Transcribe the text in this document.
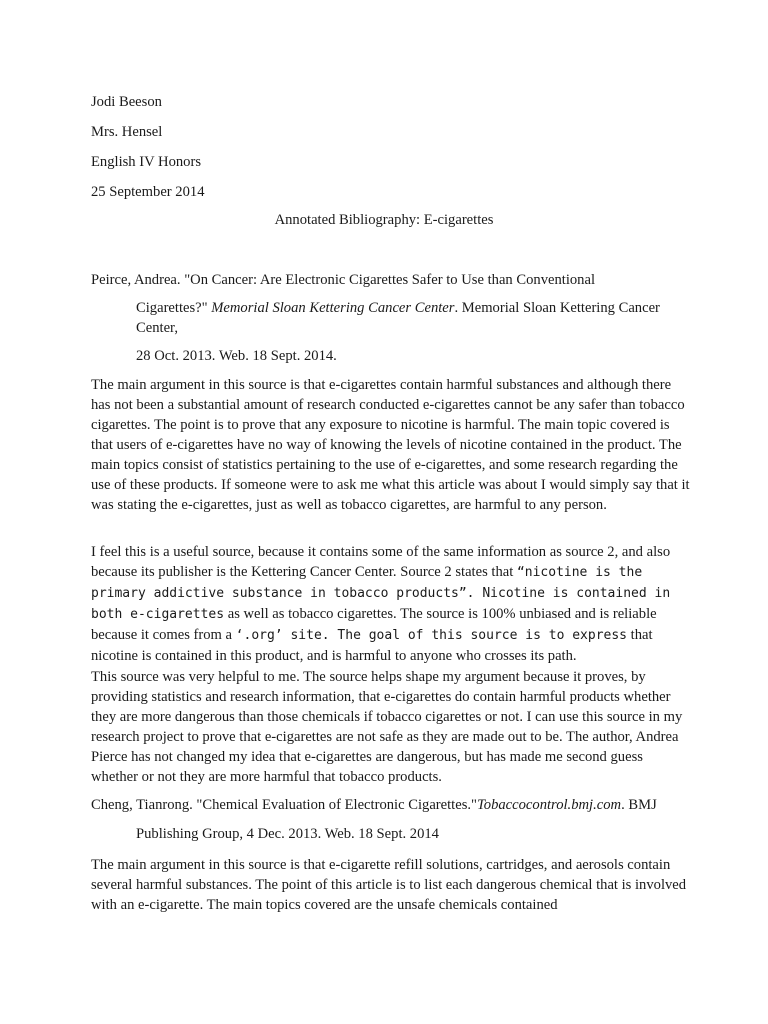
Jodi Beeson
Mrs. Hensel
English IV Honors
25 September 2014
Annotated Bibliography: E-cigarettes
Peirce, Andrea. "On Cancer: Are Electronic Cigarettes Safer to Use than Conventional
Cigarettes?" Memorial Sloan Kettering Cancer Center. Memorial Sloan Kettering Cancer Center,
28 Oct. 2013. Web. 18 Sept. 2014.

The main argument in this source is that e-cigarettes contain harmful substances and although there has not been a substantial amount of research conducted e-cigarettes cannot be any safer than tobacco cigarettes. The point is to prove that any exposure to nicotine is harmful. The main topic covered is that users of e-cigarettes have no way of knowing the levels of nicotine contained in the product. The main topics consist of statistics pertaining to the use of e-cigarettes, and some research regarding the use of these products. If someone were to ask me what this article was about I would simply say that it was stating the e-cigarettes, just as well as tobacco cigarettes, are harmful to any person.

I feel this is a useful source, because it contains some of the same information as source 2, and also because its publisher is the Kettering Cancer Center. Source 2 states that “nicotine is the primary addictive substance in tobacco products”. Nicotine is contained in both e-cigarettes as well as tobacco cigarettes. The source is 100% unbiased and is reliable because it comes from a ‘.org’ site. The goal of this source is to express that nicotine is contained in this product, and is harmful to anyone who crosses its path.

This source was very helpful to me. The source helps shape my argument because it proves, by providing statistics and research information, that e-cigarettes do contain harmful products whether they are more dangerous than those chemicals if tobacco cigarettes or not. I can use this source in my research project to prove that e-cigarettes are not safe as they are made out to be. The author, Andrea Pierce has not changed my idea that e-cigarettes are dangerous, but has made me second guess whether or not they are more harmful that tobacco products.

Cheng, Tianrong. "Chemical Evaluation of Electronic Cigarettes."Tobaccocontrol.bmj.com. BMJ
Publishing Group, 4 Dec. 2013. Web. 18 Sept. 2014

The main argument in this source is that e-cigarette refill solutions, cartridges, and aerosols contain several harmful substances. The point of this article is to list each dangerous chemical that is involved with an e-cigarette. The main topics covered are the unsafe chemicals contained
